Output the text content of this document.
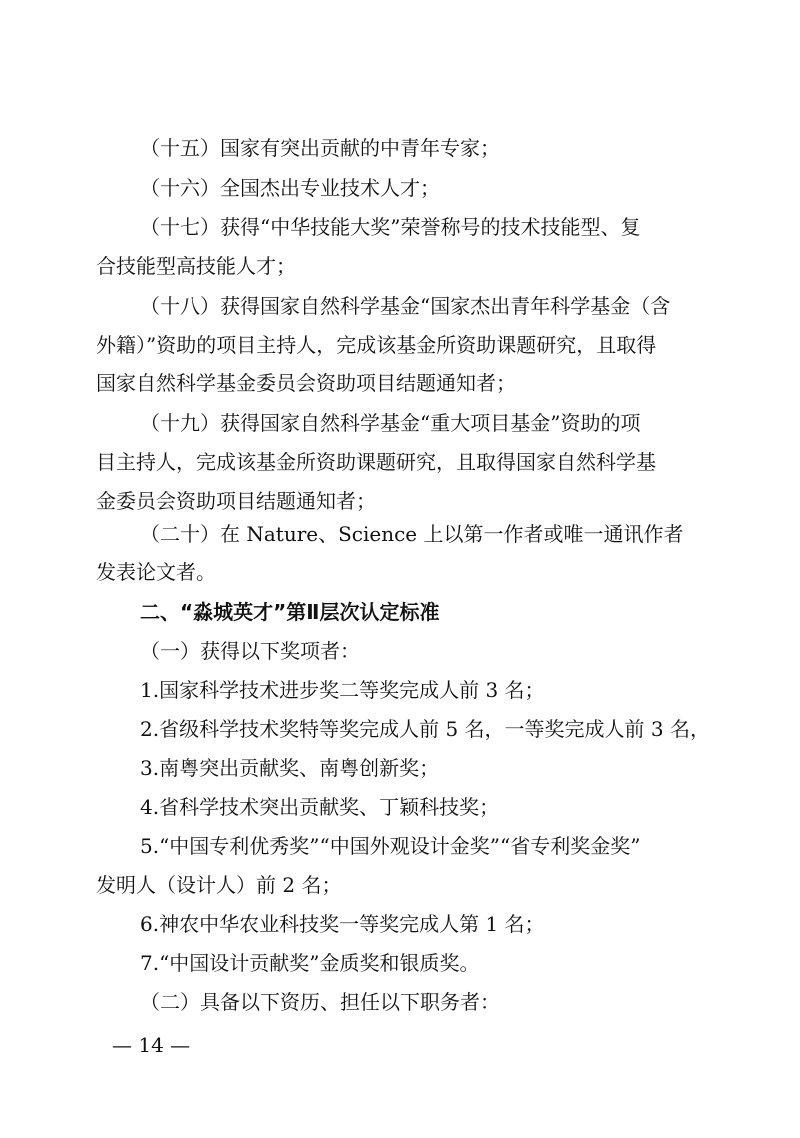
（十五）国家有突出贡献的中青年专家；
（十六）全国杰出专业技术人才；
（十七）获得“中华技能大奖”荣誉称号的技术技能型、复
合技能型高技能人才；
（十八）获得国家自然科学基金“国家杰出青年科学基金（含
外籍）”资助的项目主持人，完成该基金所资助课题研究，且取得
国家自然科学基金委员会资助项目结题通知者；
（十九）获得国家自然科学基金“重大项目基金”资助的项
目主持人，完成该基金所资助课题研究，且取得国家自然科学基
金委员会资助项目结题通知者；
（二十）在 Nature、Science 上以第一作者或唯一通讯作者
发表论文者。
二、“淼城英才”第Ⅱ层次认定标准
（一）获得以下奖项者：
1.国家科学技术进步奖二等奖完成人前 3 名；
2.省级科学技术奖特等奖完成人前 5 名，一等奖完成人前 3 名，
3.南粤突出贡献奖、南粤创新奖；
4.省科学技术突出贡献奖、丁颖科技奖；
5.“中国专利优秀奖”“中国外观设计金奖”“省专利奖金奖”
发明人（设计人）前 2 名；
6.神农中华农业科技奖一等奖完成人第 1 名；
7.“中国设计贡献奖”金质奖和银质奖。
（二）具备以下资历、担任以下职务者：
— 14 —
